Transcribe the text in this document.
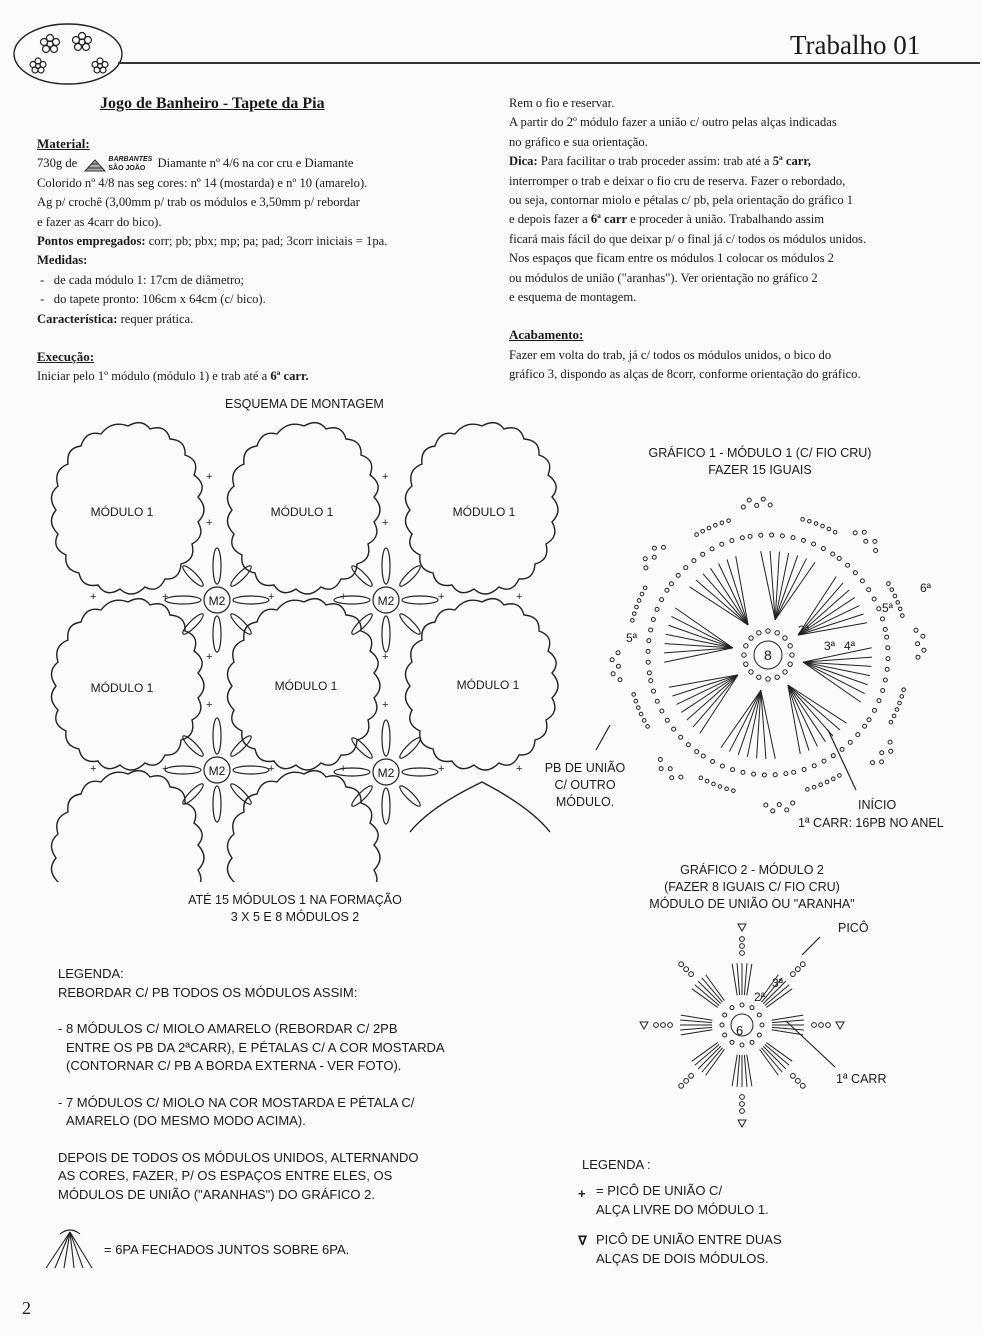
Trabalho 01
Jogo de Banheiro - Tapete da Pia
Material:
730g de	BARBANTES
SÃO JOÃO Diamante nº 4/6 na cor cru e Diamante
Colorido nº 4/8 nas seg cores: nº 14 (mostarda) e nº 10 (amarelo).
Ag p/ crochê (3,00mm p/ trab os módulos e 3,50mm p/ rebordar
e fazer as 4carr do bico).
Pontos empregados: corr; pb; pbx; mp; pa; pad; 3corr iniciais = 1pa.
Medidas:
-   de cada módulo 1: 17cm de diâmetro;
-   do tapete pronto: 106cm x 64cm (c/ bico).
Característica: requer prática.
Execução:
Iniciar pelo 1º módulo (módulo 1) e trab até a 6ª carr.
Rem o fio e reservar.
A partir do 2º módulo fazer a união c/ outro pelas alças indicadas
no gráfico e sua orientação.
Dica: Para facilitar o trab proceder assim: trab até a 5ª carr,
interromper o trab e deixar o fio cru de reserva. Fazer o rebordado,
ou seja, contornar miolo e pétalas c/ pb, pela orientação do gráfico 1
e depois fazer a 6ª carr e proceder à união. Trabalhando assim
ficará mais fácil do que deixar p/ o final já c/ todos os módulos unidos.
Nos espaços que ficam entre os módulos 1 colocar os módulos 2
ou módulos de união ("aranhas"). Ver orientação no gráfico 2
e esquema de montagem.
Acabamento:
Fazer em volta do trab, já c/ todos os módulos unidos, o bico do
gráfico 3, dispondo as alças de 8corr, conforme orientação do gráfico.
ESQUEMA DE MONTAGEM
+
+
+
+
+	+	+	+	+	+
+
+
+
+
+	+	+	+	+	+
MÓDULO 1	MÓDULO 1	MÓDULO 1
MÓDULO 1	MÓDULO 1	MÓDULO 1
M2	M2
M2	M2
ATÉ 15 MÓDULOS 1 NA FORMAÇÃO
3 X 5 E 8 MÓDULOS 2
GRÁFICO 1 - MÓDULO 1 (C/ FIO CRU)
FAZER 15 IGUAIS
8
2ª
3ª 4ª
5ª
5ª
6ª
PB DE UNIÃO
C/ OUTRO
MÓDULO.	INÍCIO
1ª CARR: 16PB NO ANEL
GRÁFICO 2 - MÓDULO 2
(FAZER 8 IGUAIS C/ FIO CRU)
MÓDULO DE UNIÃO OU "ARANHA"
6
2ª
3ª
PICÔ
1ª CARR
LEGENDA:
REBORDAR C/ PB TODOS OS MÓDULOS ASSIM:
- 8 MÓDULOS C/ MIOLO AMARELO (REBORDAR C/ 2PB
ENTRE OS PB DA 2ªCARR), E PÉTALAS C/ A COR MOSTARDA
(CONTORNAR C/ PB A BORDA EXTERNA - VER FOTO).
- 7 MÓDULOS C/ MIOLO NA COR MOSTARDA E PÉTALA C/
AMARELO (DO MESMO MODO ACIMA).
DEPOIS DE TODOS OS MÓDULOS UNIDOS, ALTERNANDO
AS CORES, FAZER, P/ OS ESPAÇOS ENTRE ELES, OS
MÓDULOS DE UNIÃO ("ARANHAS") DO GRÁFICO 2.
= 6PA FECHADOS JUNTOS SOBRE 6PA.
LEGENDA :
+ = PICÔ DE UNIÃO C/
ALÇA LIVRE DO MÓDULO 1.
∇ PICÔ DE UNIÃO ENTRE DUAS
ALÇAS DE DOIS MÓDULOS.
2
